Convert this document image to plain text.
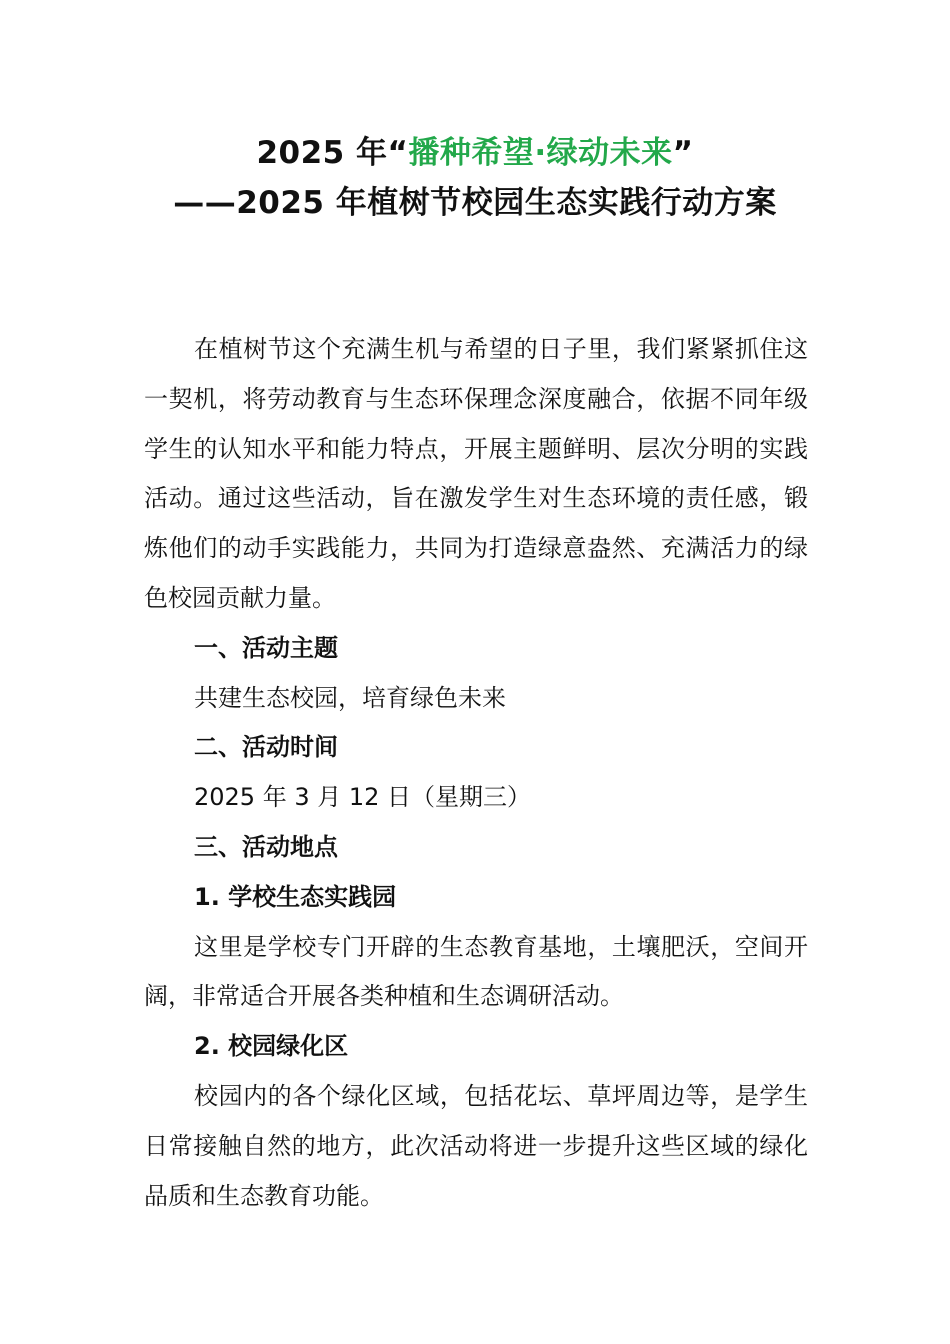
2025 年“播种希望·绿动未来”
——2025 年植树节校园生态实践行动方案

在植树节这个充满生机与希望的日子里，我们紧紧抓住这一契机，将劳动教育与生态环保理念深度融合，依据不同年级学生的认知水平和能力特点，开展主题鲜明、层次分明的实践活动。通过这些活动，旨在激发学生对生态环境的责任感，锻炼他们的动手实践能力，共同为打造绿意盎然、充满活力的绿色校园贡献力量。

一、活动主题

共建生态校园，培育绿色未来

二、活动时间

2025 年 3 月 12 日（星期三）

三、活动地点

1. 学校生态实践园

这里是学校专门开辟的生态教育基地，土壤肥沃，空间开阔，非常适合开展各类种植和生态调研活动。

2. 校园绿化区

校园内的各个绿化区域，包括花坛、草坪周边等，是学生日常接触自然的地方，此次活动将进一步提升这些区域的绿化品质和生态教育功能。
